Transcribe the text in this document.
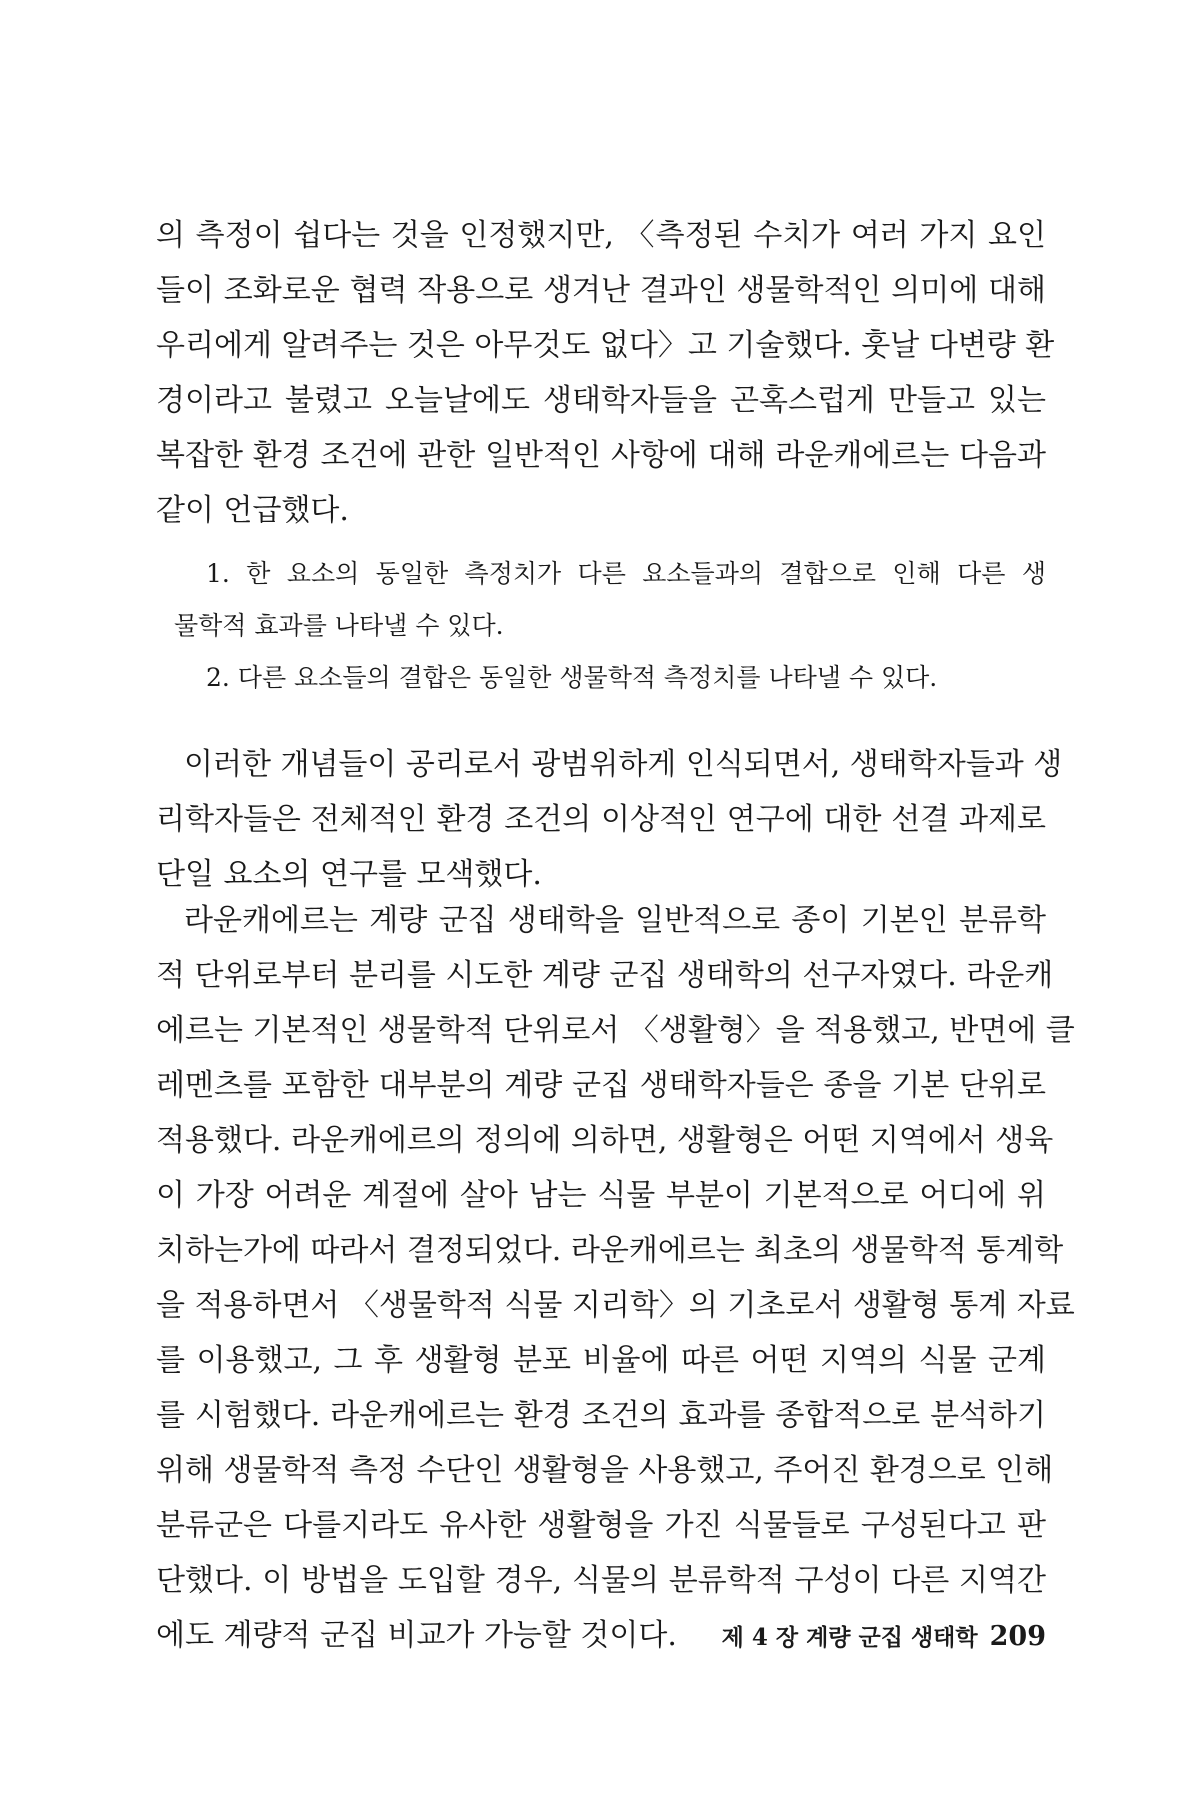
의 측정이 쉽다는 것을 인정했지만, 〈측정된 수치가 여러 가지 요인
들이 조화로운 협력 작용으로 생겨난 결과인 생물학적인 의미에 대해
우리에게 알려주는 것은 아무것도 없다〉고 기술했다. 훗날 다변량 환
경이라고 불렸고 오늘날에도 생태학자들을 곤혹스럽게 만들고 있는
복잡한 환경 조건에 관한 일반적인 사항에 대해 라운캐에르는 다음과
같이 언급했다.
1. 한 요소의 동일한 측정치가 다른 요소들과의 결합으로 인해 다른 생
물학적 효과를 나타낼 수 있다.
2. 다른 요소들의 결합은 동일한 생물학적 측정치를 나타낼 수 있다.
이러한 개념들이 공리로서 광범위하게 인식되면서, 생태학자들과 생
리학자들은 전체적인 환경 조건의 이상적인 연구에 대한 선결 과제로
단일 요소의 연구를 모색했다.
라운캐에르는 계량 군집 생태학을 일반적으로 종이 기본인 분류학
적 단위로부터 분리를 시도한 계량 군집 생태학의 선구자였다. 라운캐
에르는 기본적인 생물학적 단위로서 〈생활형〉을 적용했고, 반면에 클
레멘츠를 포함한 대부분의 계량 군집 생태학자들은 종을 기본 단위로
적용했다. 라운캐에르의 정의에 의하면, 생활형은 어떤 지역에서 생육
이 가장 어려운 계절에 살아 남는 식물 부분이 기본적으로 어디에 위
치하는가에 따라서 결정되었다. 라운캐에르는 최초의 생물학적 통계학
을 적용하면서 〈생물학적 식물 지리학〉의 기초로서 생활형 통계 자료
를 이용했고, 그 후 생활형 분포 비율에 따른 어떤 지역의 식물 군계
를 시험했다. 라운캐에르는 환경 조건의 효과를 종합적으로 분석하기
위해 생물학적 측정 수단인 생활형을 사용했고, 주어진 환경으로 인해
분류군은 다를지라도 유사한 생활형을 가진 식물들로 구성된다고 판
단했다. 이 방법을 도입할 경우, 식물의 분류학적 구성이 다른 지역간
에도 계량적 군집 비교가 가능할 것이다.	제 4 장 계량 군집 생태학 209
